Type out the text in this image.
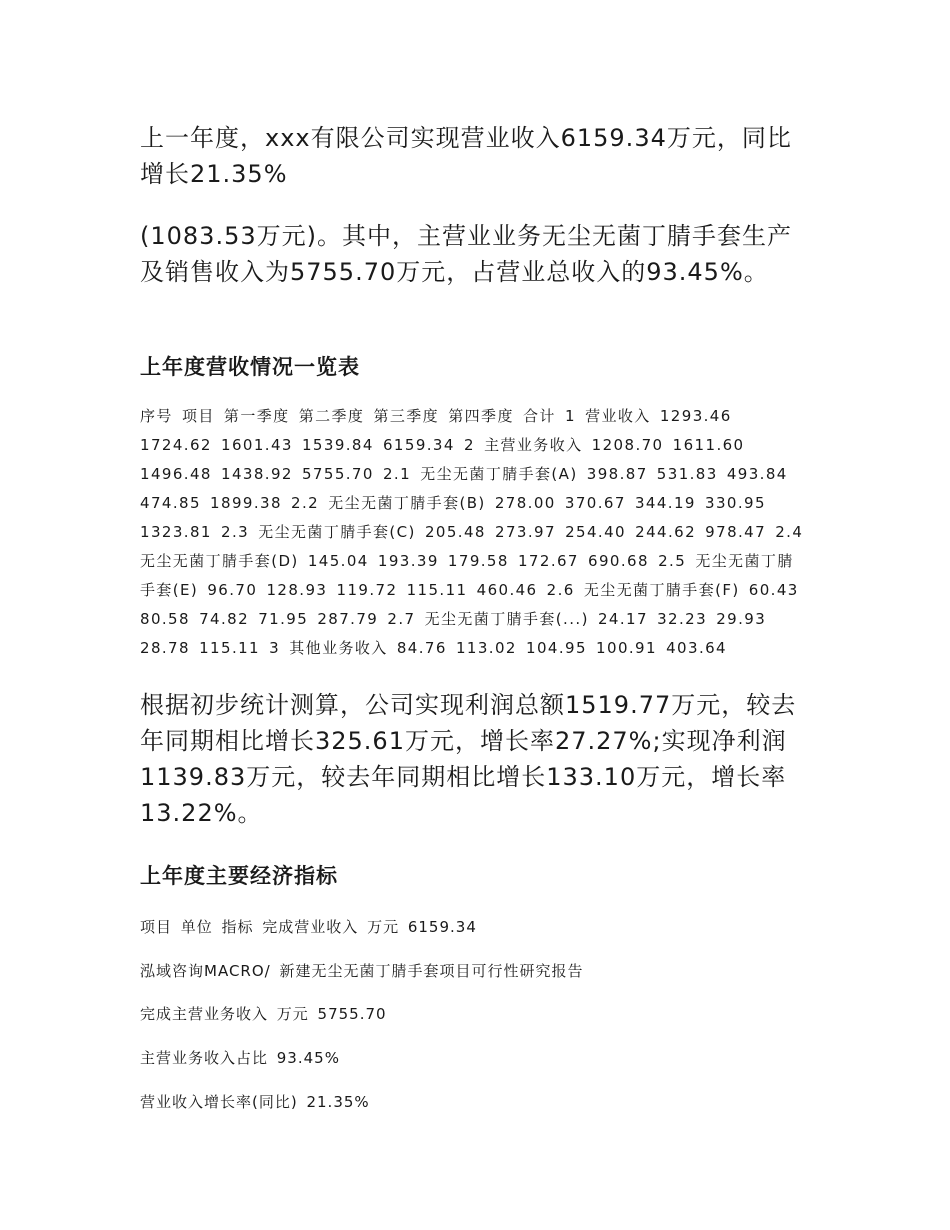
上一年度，xxx有限公司实现营业收入6159.34万元，同比增长21.35%

(1083.53万元)。其中，主营业业务无尘无菌丁腈手套生产及销售收入为5755.70万元，占营业总收入的93.45%。

上年度营收情况一览表

序号 项目 第一季度 第二季度 第三季度 第四季度 合计 1 营业收入 1293.46 1724.62 1601.43 1539.84 6159.34 2 主营业务收入 1208.70 1611.60 1496.48 1438.92 5755.70 2.1 无尘无菌丁腈手套(A) 398.87 531.83 493.84 474.85 1899.38 2.2 无尘无菌丁腈手套(B) 278.00 370.67 344.19 330.95 1323.81 2.3 无尘无菌丁腈手套(C) 205.48 273.97 254.40 244.62 978.47 2.4 无尘无菌丁腈手套(D) 145.04 193.39 179.58 172.67 690.68 2.5 无尘无菌丁腈手套(E) 96.70 128.93 119.72 115.11 460.46 2.6 无尘无菌丁腈手套(F) 60.43 80.58 74.82 71.95 287.79 2.7 无尘无菌丁腈手套(...) 24.17 32.23 29.93 28.78 115.11 3 其他业务收入 84.76 113.02 104.95 100.91 403.64

根据初步统计测算，公司实现利润总额1519.77万元，较去年同期相比增长325.61万元，增长率27.27%;实现净利润1139.83万元，较去年同期相比增长133.10万元，增长率13.22%。

上年度主要经济指标

项目 单位 指标 完成营业收入 万元 6159.34

泓域咨询MACRO/ 新建无尘无菌丁腈手套项目可行性研究报告

完成主营业务收入 万元 5755.70

主营业务收入占比 93.45%

营业收入增长率(同比) 21.35%
